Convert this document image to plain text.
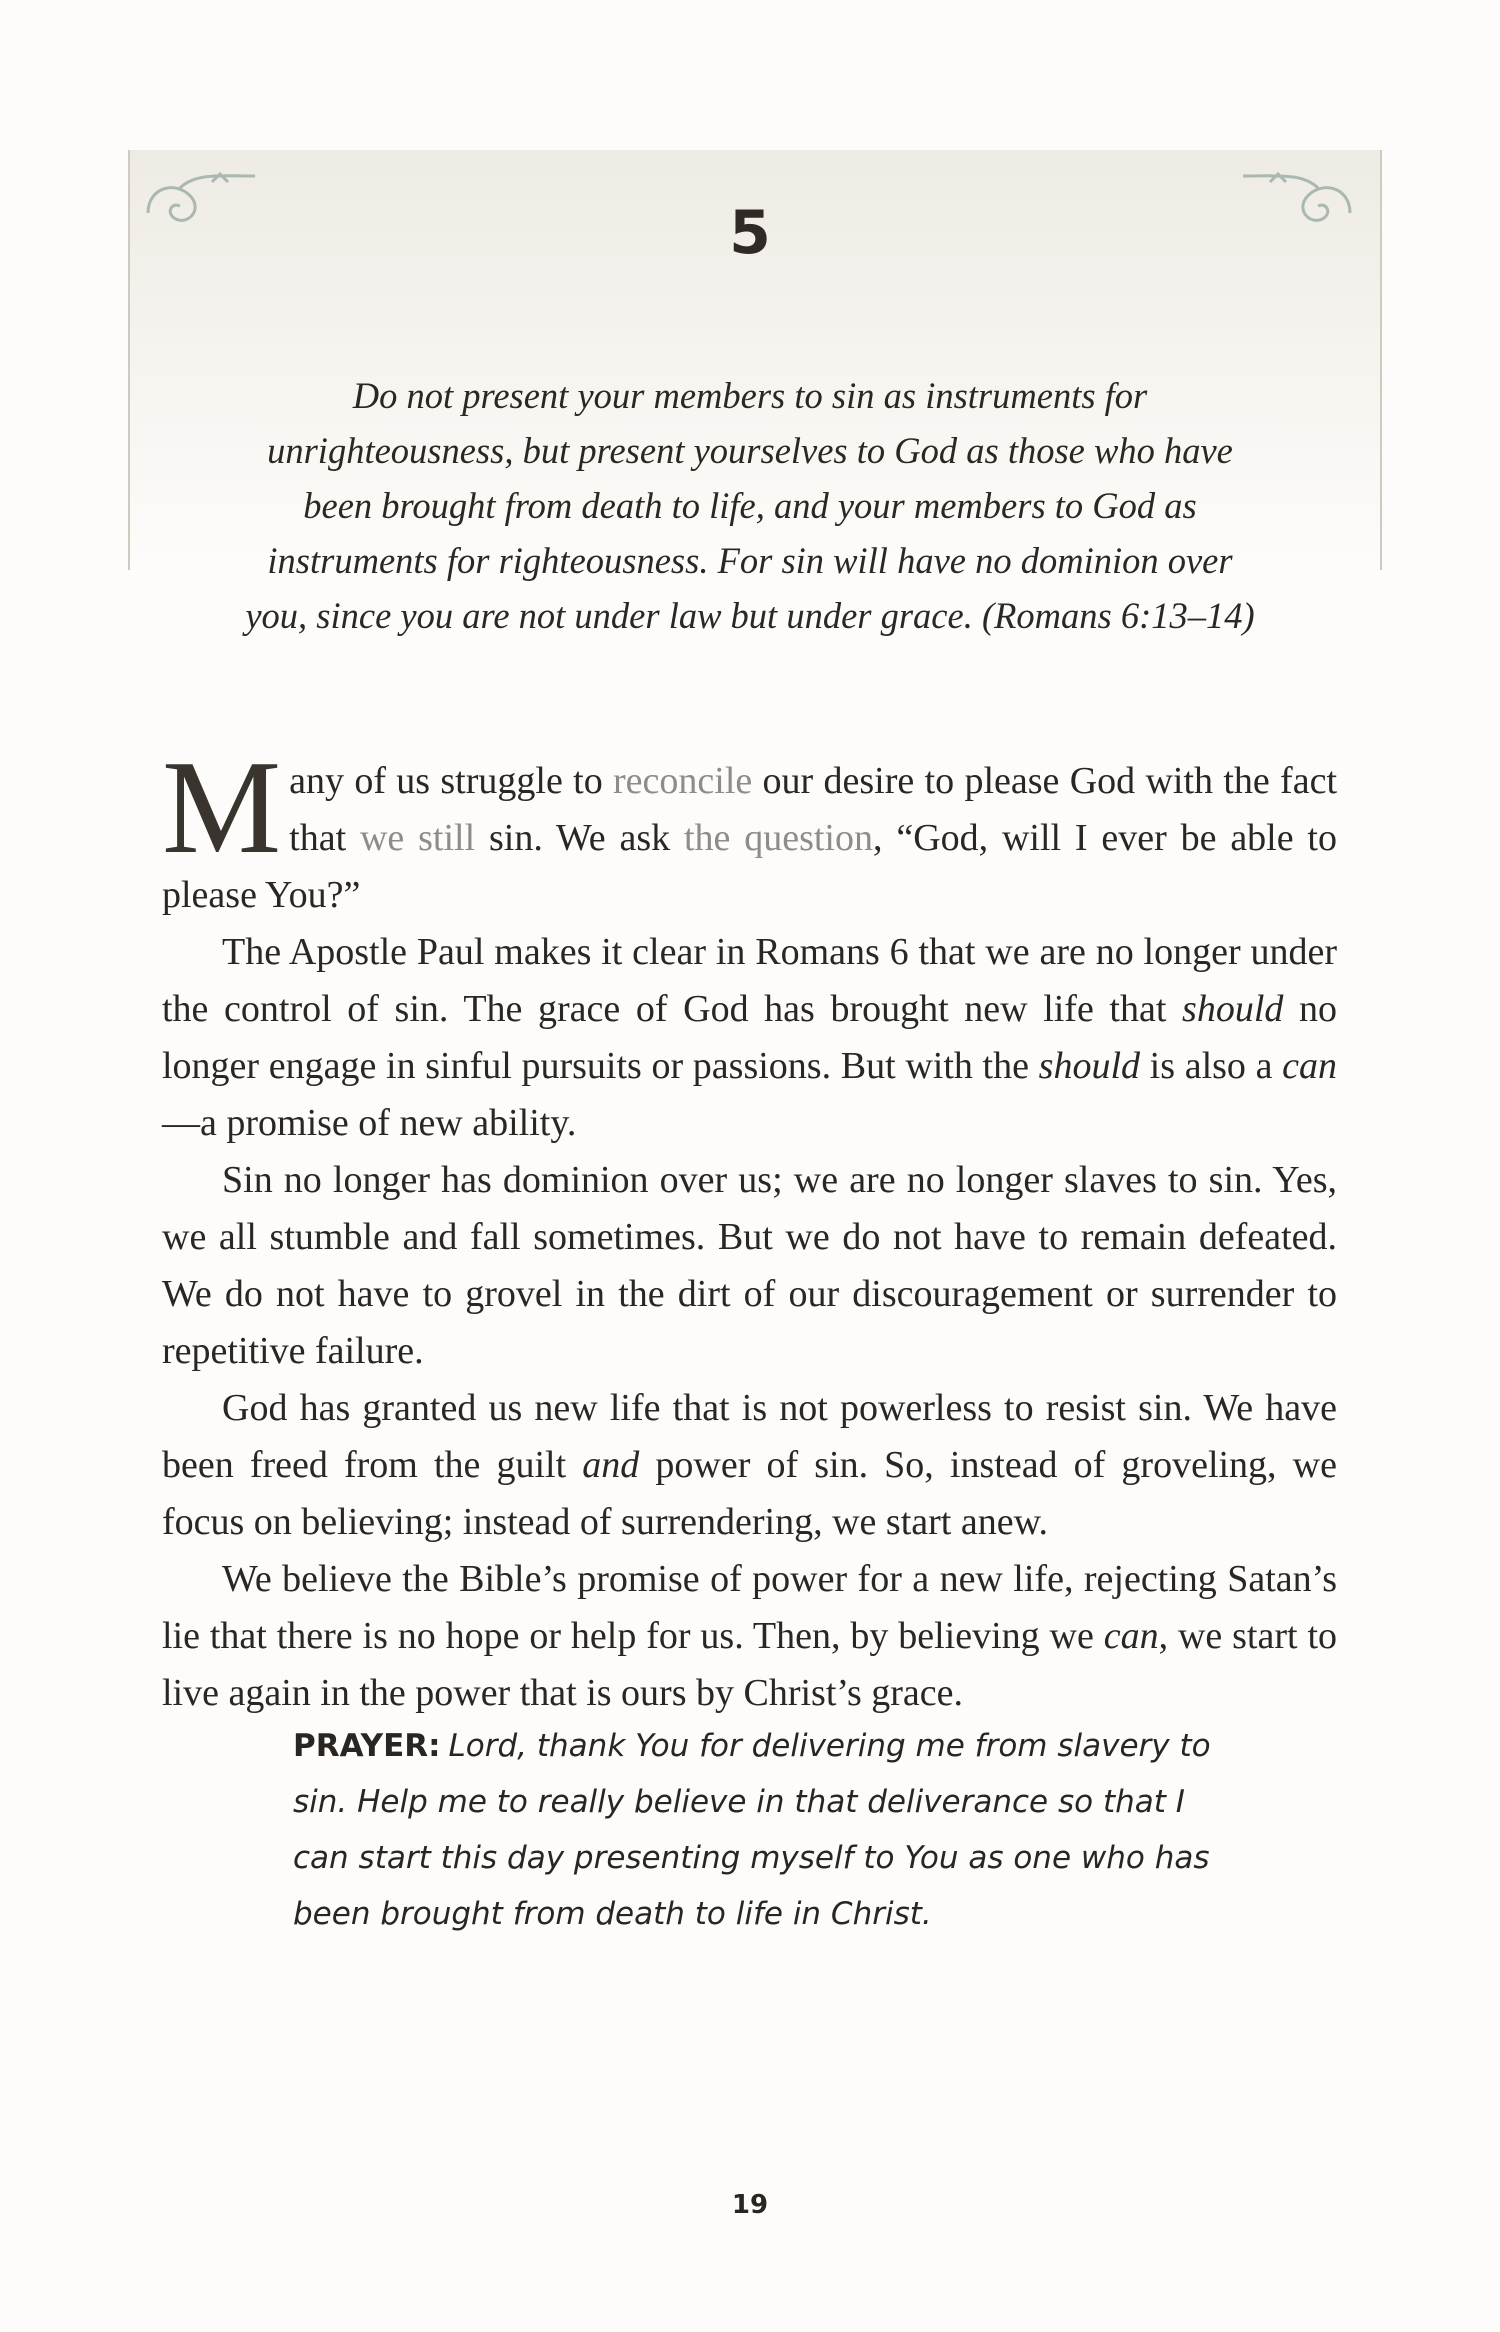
5
Do not present your members to sin as instruments for unrighteousness, but present yourselves to God as those who have been brought from death to life, and your members to God as instruments for righteousness. For sin will have no dominion over you, since you are not under law but under grace. (Romans 6:13–14)

Many of us struggle to reconcile our desire to please God with the fact that we still sin. We ask the question, “God, will I ever be able to please You?”

The Apostle Paul makes it clear in Romans 6 that we are no longer under the control of sin. The grace of God has brought new life that should no longer engage in sinful pursuits or passions. But with the should is also a can—a promise of new ability.

Sin no longer has dominion over us; we are no longer slaves to sin. Yes, we all stumble and fall sometimes. But we do not have to remain defeated. We do not have to grovel in the dirt of our discouragement or surrender to repetitive failure.

God has granted us new life that is not powerless to resist sin. We have been freed from the guilt and power of sin. So, instead of groveling, we focus on believing; instead of surrendering, we start anew.

We believe the Bible’s promise of power for a new life, rejecting Satan’s lie that there is no hope or help for us. Then, by believing we can, we start to live again in the power that is ours by Christ’s grace.

PRAYER: Lord, thank You for delivering me from slavery to sin. Help me to really believe in that deliverance so that I can start this day presenting myself to You as one who has been brought from death to life in Christ.
19
